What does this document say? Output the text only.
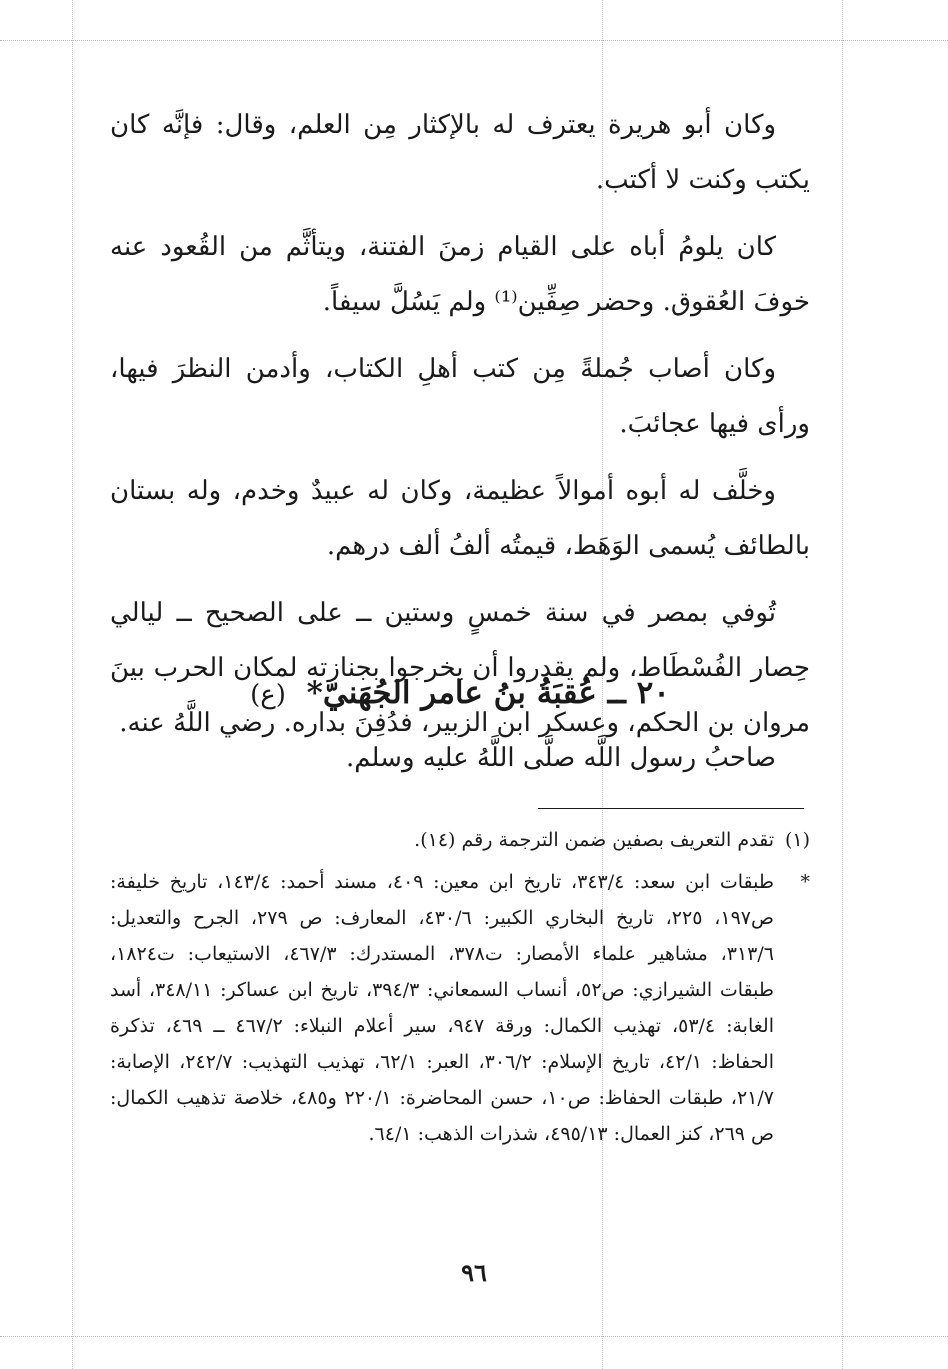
وكان أبو هريرة يعترف له بالإكثار مِن العلم، وقال: فإنَّه كان يكتب وكنت لا أكتب.

كان يلومُ أباه على القيام زمنَ الفتنة، ويتأثَّم من القُعود عنه خوفَ العُقوق. وحضر صِفِّين⁽¹⁾ ولم يَسُلَّ سيفاً.

وكان أصاب جُملةً مِن كتب أهلِ الكتاب، وأدمن النظرَ فيها، ورأى فيها عجائبَ.

وخلَّف له أبوه أموالاً عظيمة، وكان له عبيدٌ وخدم، وله بستان بالطائف يُسمى الوَهَط، قيمتُه ألفُ ألف درهم.

تُوفي بمصر في سنة خمسٍ وستين ــ على الصحيح ــ ليالي حِصار الفُسْطَاط، ولم يقدروا أن يخرجوا بجنازته لمكان الحرب بينَ مروان بن الحكم، وعسكر ابن الزبير، فدُفِنَ بداره. رضي اللَّهُ عنه.

٢٠ ــ عُقبَةُ بنُ عامر الجُهَنيّ* (ع)
صاحبُ رسول اللَّه صلَّى اللَّهُ عليه وسلم.
(١)
تقدم التعريف بصفين ضمن الترجمة رقم (١٤).
*
طبقات ابن سعد: ٣٤٣/٤، تاريخ ابن معين: ٤٠٩، مسند أحمد: ١٤٣/٤، تاريخ خليفة: ص١٩٧، ٢٢٥، تاريخ البخاري الكبير: ٤٣٠/٦، المعارف: ص ٢٧٩، الجرح والتعديل: ٣١٣/٦، مشاهير علماء الأمصار: ت٣٧٨، المستدرك: ٤٦٧/٣، الاستيعاب: ت١٨٢٤، طبقات الشيرازي: ص٥٢، أنساب السمعاني: ٣٩٤/٣، تاريخ ابن عساكر: ٣٤٨/١١، أسد الغابة: ٥٣/٤، تهذيب الكمال: ورقة ٩٤٧، سير أعلام النبلاء: ٤٦٧/٢ ــ ٤٦٩، تذكرة الحفاظ: ٤٢/١، تاريخ الإسلام: ٣٠٦/٢، العبر: ٦٢/١، تهذيب التهذيب: ٢٤٢/٧، الإصابة: ٢١/٧، طبقات الحفاظ: ص١٠، حسن المحاضرة: ٢٢٠/١ و٤٨٥، خلاصة تذهيب الكمال: ص ٢٦٩، كنز العمال: ٤٩٥/١٣، شذرات الذهب: ٦٤/١.
٩٦
